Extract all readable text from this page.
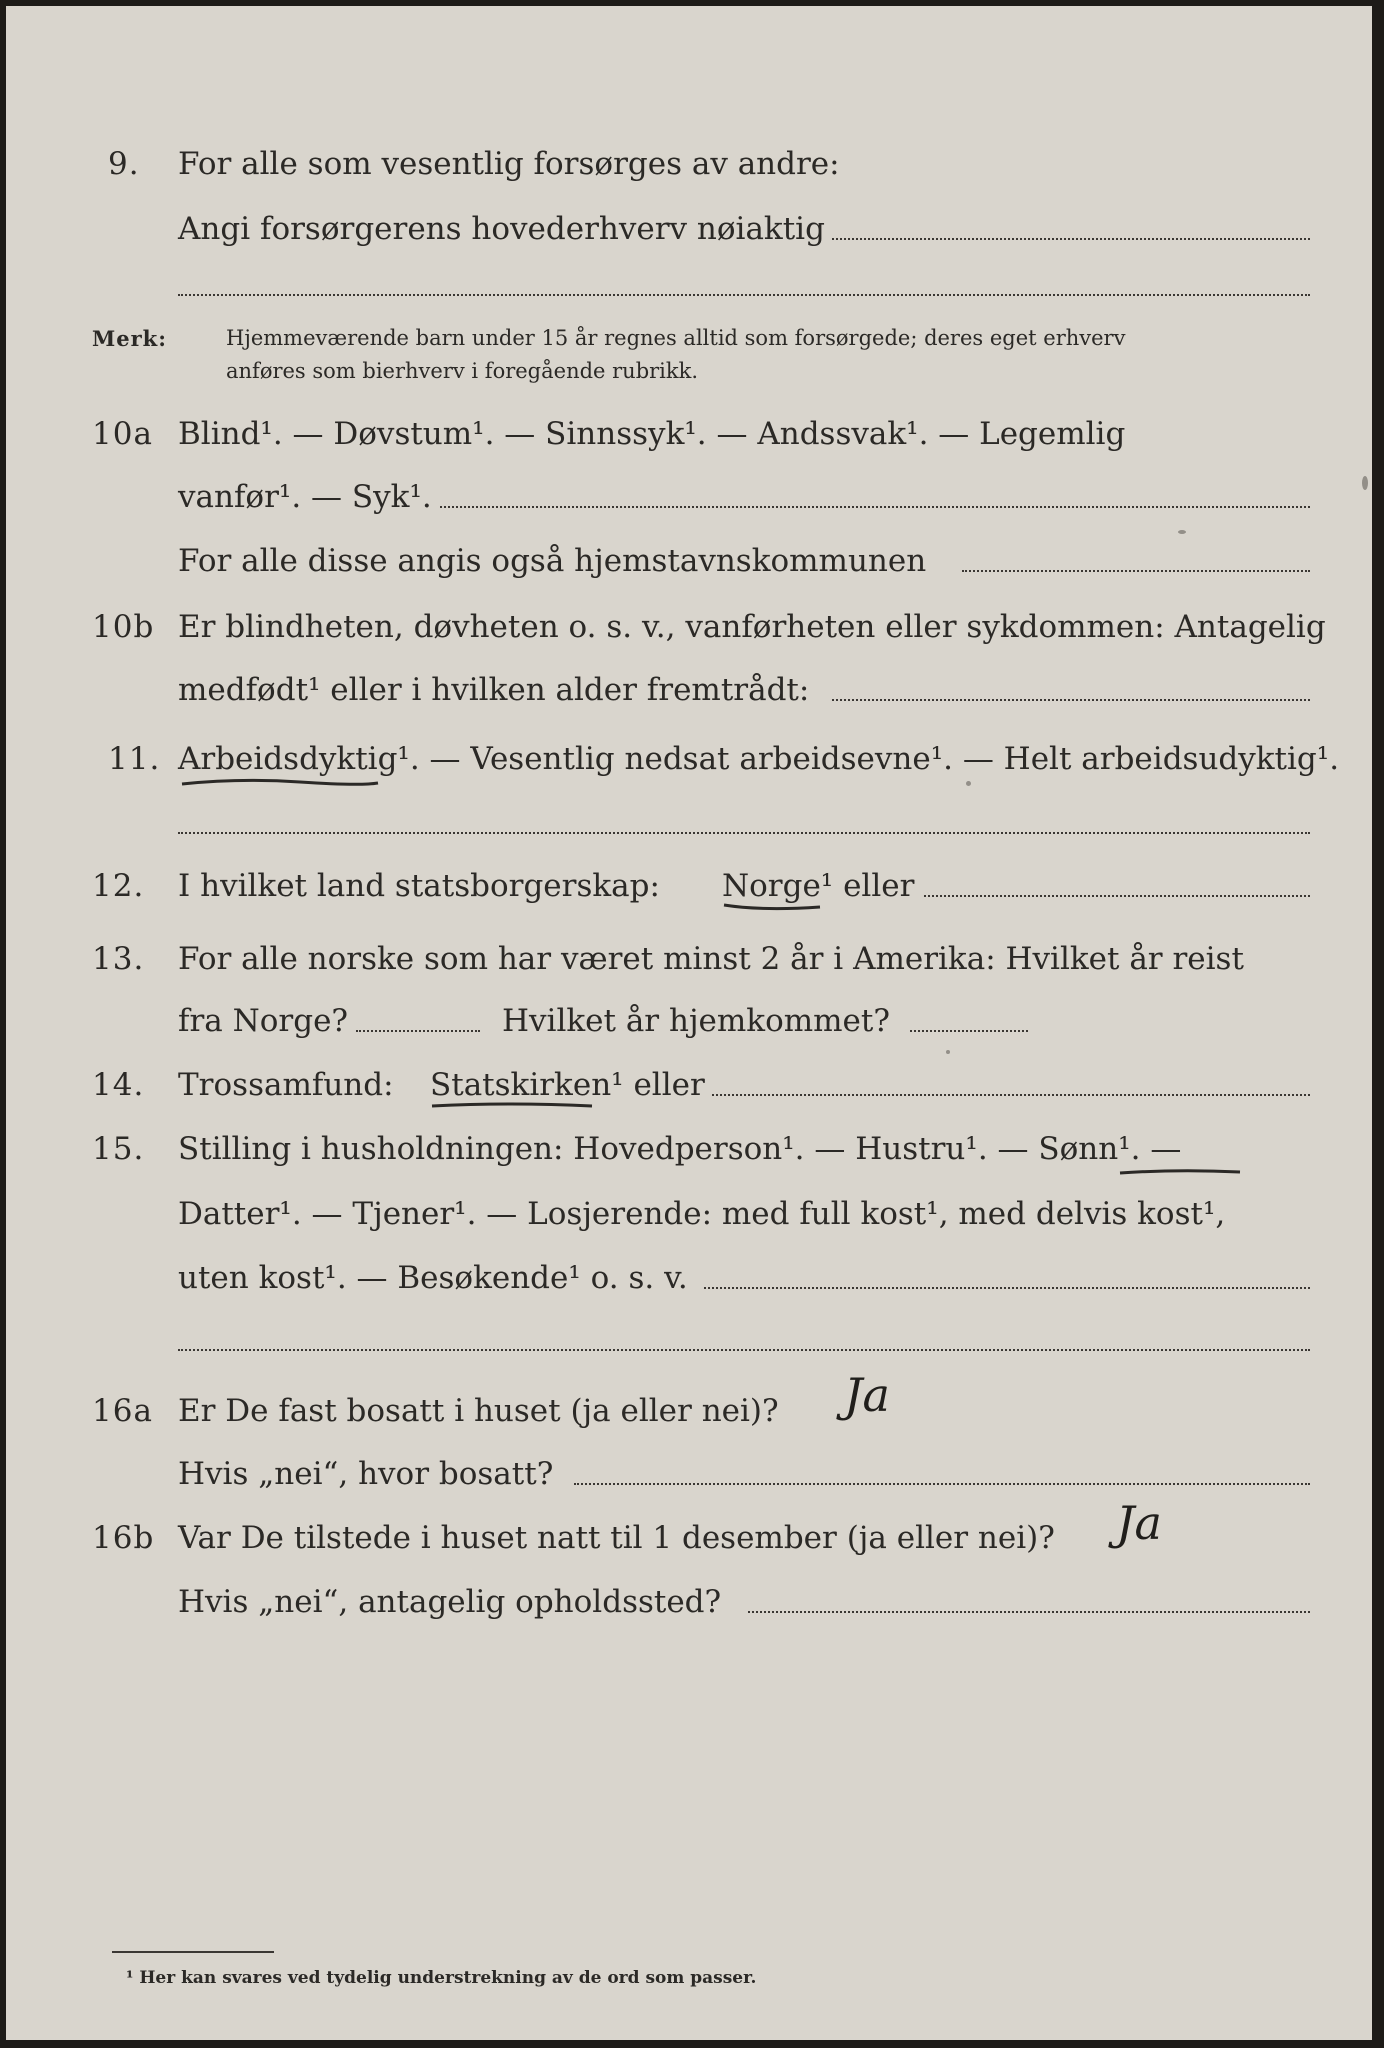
9. For alle som vesentlig forsørges av andre:
Angi forsørgerens hovederhverv nøiaktig
Merk:	Hjemmeværende barn under 15 år regnes alltid som forsørgede; deres eget erhverv
anføres som bierhverv i foregående rubrikk.
10a Blind¹. — Døvstum¹. — Sinnssyk¹. — Andssvak¹. — Legemlig
vanfør¹. — Syk¹.
For alle disse angis også hjemstavnskommunen
10b Er blindheten, døvheten o. s. v., vanførheten eller sykdommen: Antagelig
medfødt¹ eller i hvilken alder fremtrådt:
11. Arbeidsdyktig¹. — Vesentlig nedsat arbeidsevne¹. — Helt arbeidsudyktig¹.
12. I hvilket land statsborgerskap: Norge¹ eller
13. For alle norske som har været minst 2 år i Amerika: Hvilket år reist
fra Norge?	Hvilket år hjemkommet?
14. Trossamfund: Statskirken¹ eller
15. Stilling i husholdningen: Hovedperson¹. — Hustru¹. — Sønn¹. —
Datter¹. — Tjener¹. — Losjerende: med full kost¹, med delvis kost¹,
uten kost¹. — Besøkende¹ o. s. v.
16a Er De fast bosatt i huset (ja eller nei)? Ja
Hvis „nei“, hvor bosatt?
16b Var De tilstede i huset natt til 1 desember (ja eller nei)? Ja
Hvis „nei“, antagelig opholdssted?
¹ Her kan svares ved tydelig understrekning av de ord som passer.
